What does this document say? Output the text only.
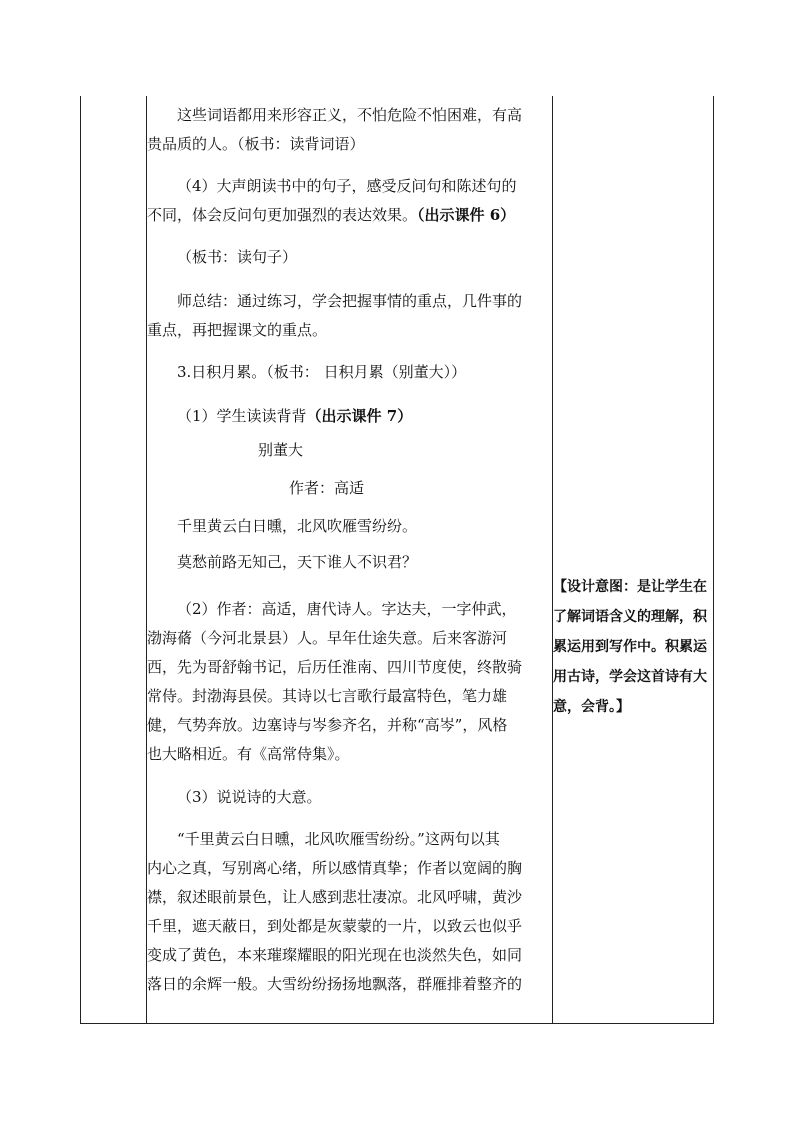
这些词语都用来形容正义，不怕危险不怕困难，有高

贵品质的人。（板书：读背词语）

（4）大声朗读书中的句子，感受反问句和陈述句的

不同，体会反问句更加强烈的表达效果。（出示课件 6）

（板书：读句子）

师总结：通过练习，学会把握事情的重点，几件事的

重点，再把握课文的重点。

3.日积月累。（板书： 日积月累（别董大））

（1）学生读读背背（出示课件 7）

别董大

作者：高适

千里黄云白日曛，北风吹雁雪纷纷。

莫愁前路无知己，天下谁人不识君？

（2）作者：高适，唐代诗人。字达夫，一字仲武，

渤海蓨（今河北景县）人。早年仕途失意。后来客游河

西，先为哥舒翰书记，后历任淮南、四川节度使，终散骑

常侍。封渤海县侯。其诗以七言歌行最富特色，笔力雄

健，气势奔放。边塞诗与岑参齐名，并称“高岑”，风格

也大略相近。有《高常侍集》。

（3）说说诗的大意。

“千里黄云白日曛，北风吹雁雪纷纷。”这两句以其

内心之真，写别离心绪，所以感情真挚；作者以宽阔的胸

襟，叙述眼前景色，让人感到悲壮凄凉。北风呼啸，黄沙

千里，遮天蔽日，到处都是灰蒙蒙的一片，以致云也似乎

变成了黄色，本来璀璨耀眼的阳光现在也淡然失色，如同

落日的余辉一般。大雪纷纷扬扬地飘落，群雁排着整齐的

【设计意图：是让学生在
了解词语含义的理解，积
累运用到写作中。积累运
用古诗，学会这首诗有大
意，会背。】
